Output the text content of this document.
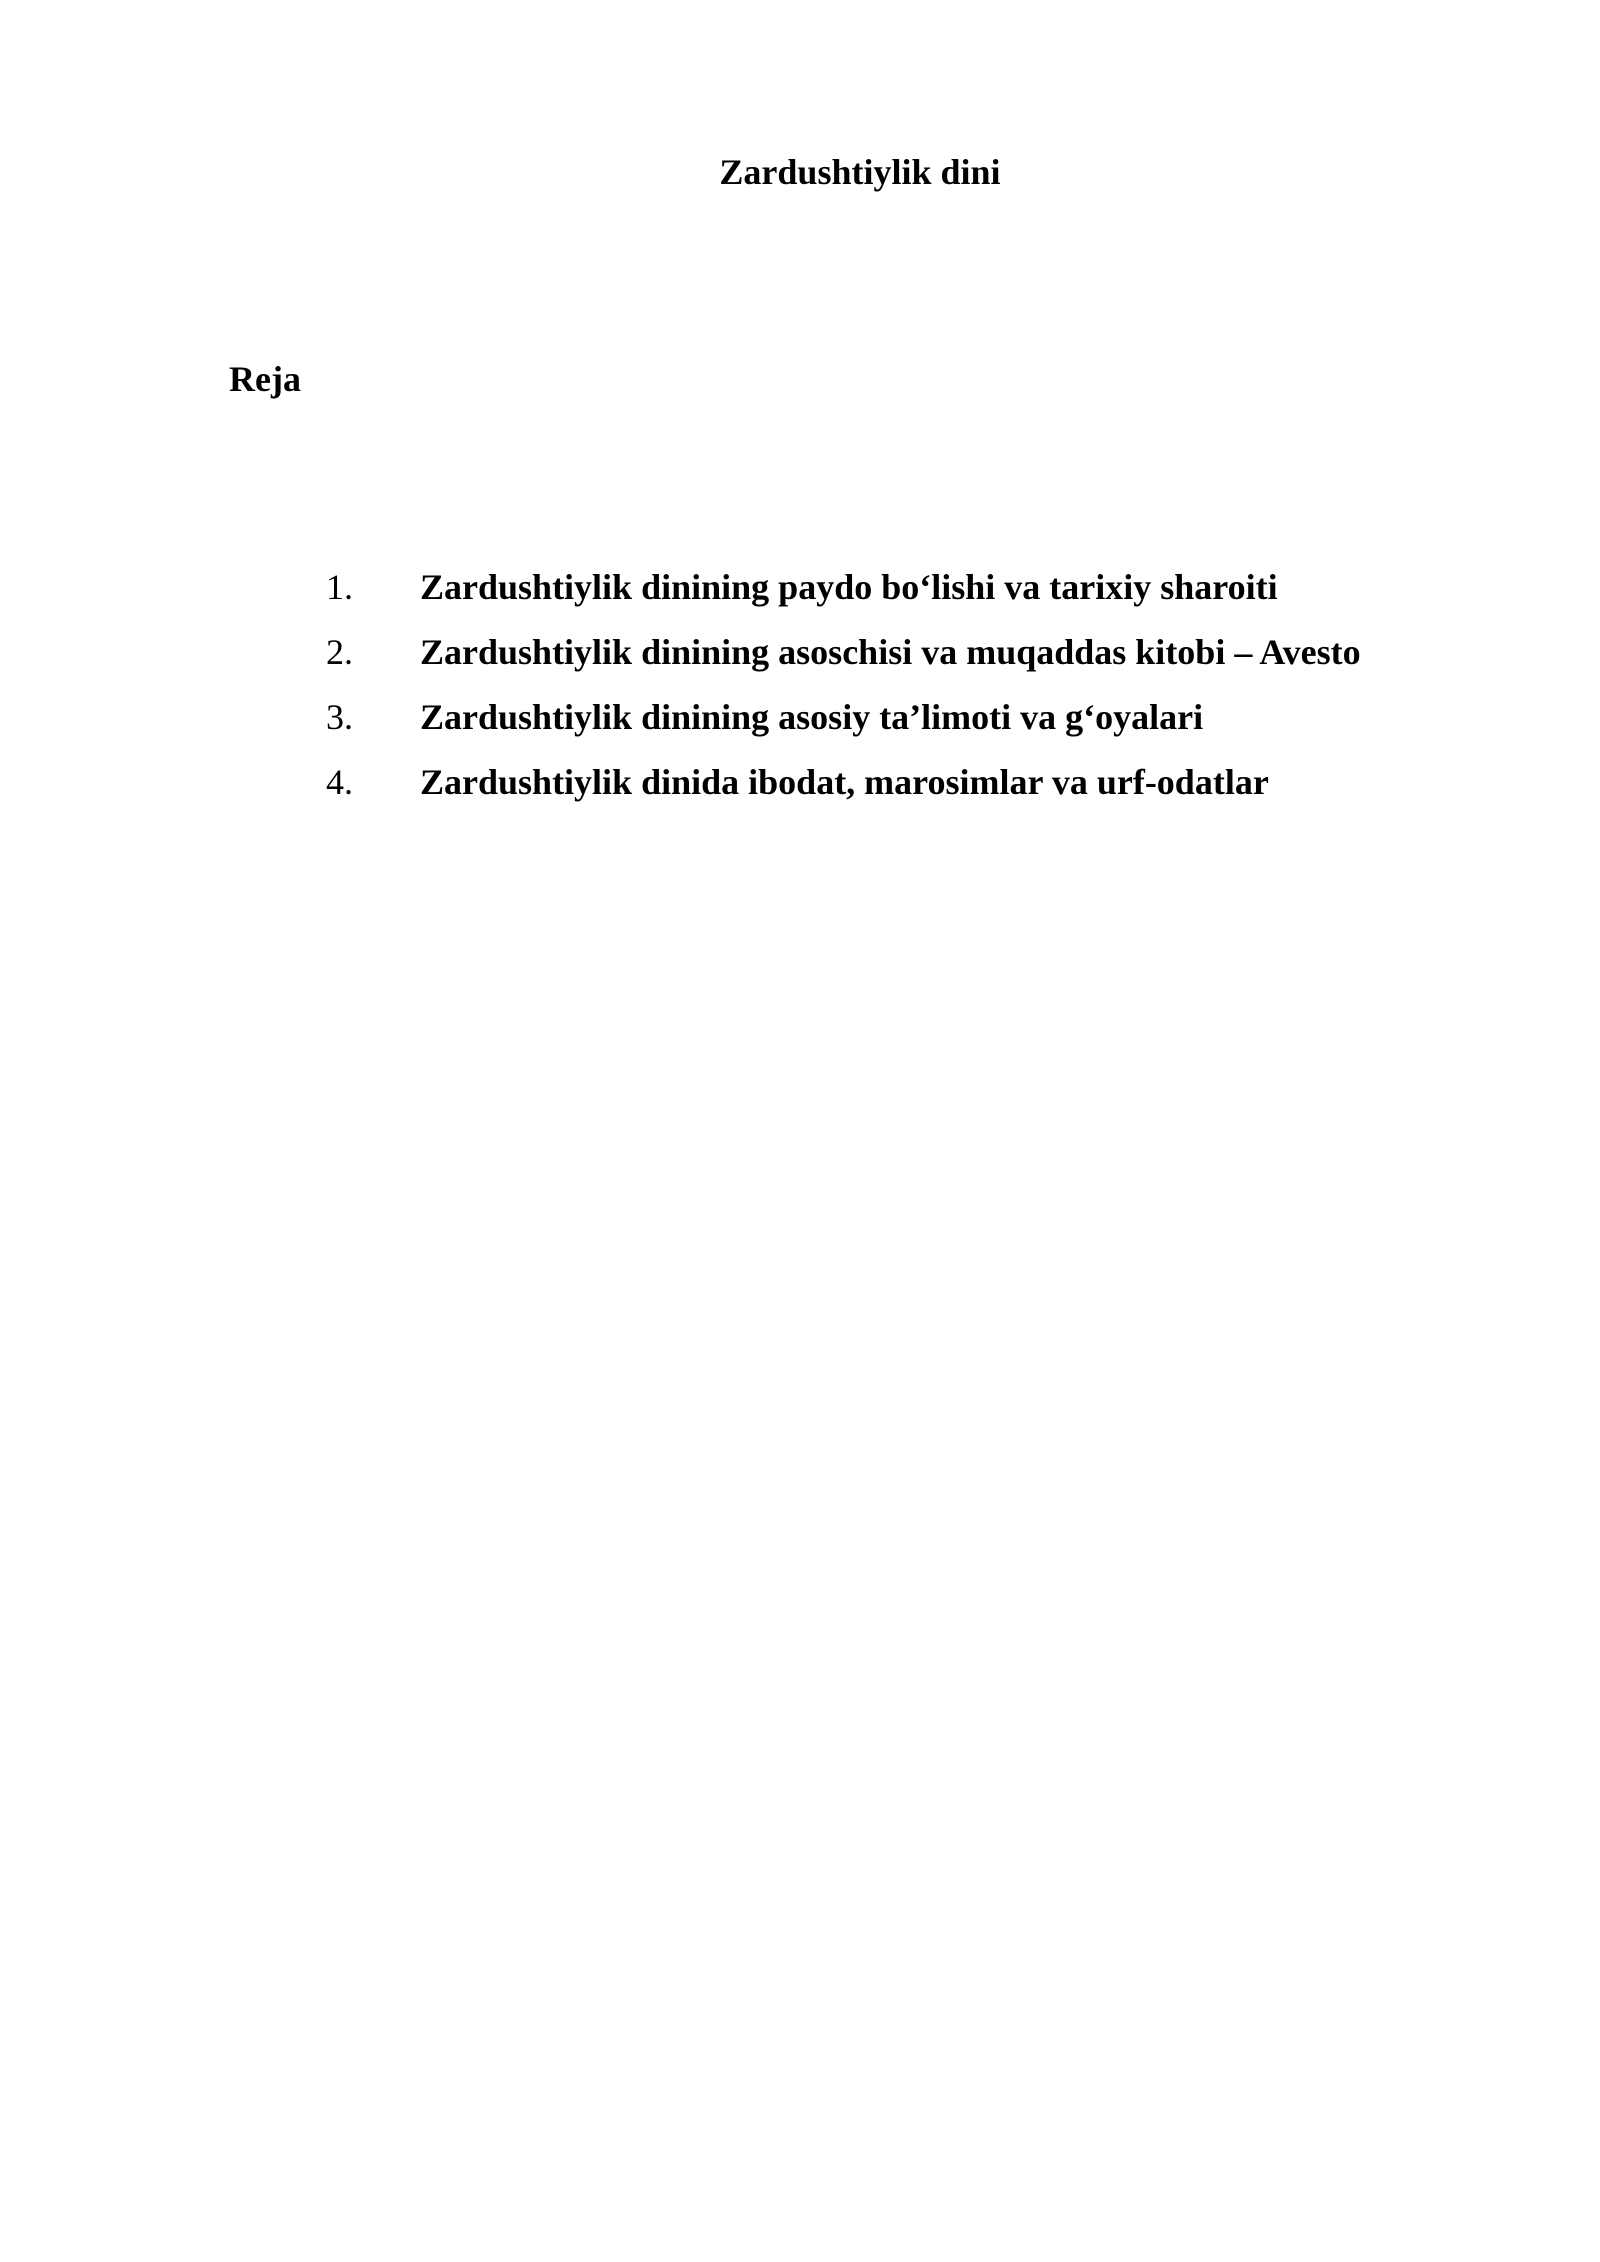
Zardushtiylik dini
Reja
1. Zardushtiylik dinining paydo bo‘lishi va tarixiy sharoiti
2. Zardushtiylik dinining asoschisi va muqaddas kitobi – Avesto
3. Zardushtiylik dinining asosiy ta’limoti va g‘oyalari
4. Zardushtiylik dinida ibodat, marosimlar va urf-odatlar
